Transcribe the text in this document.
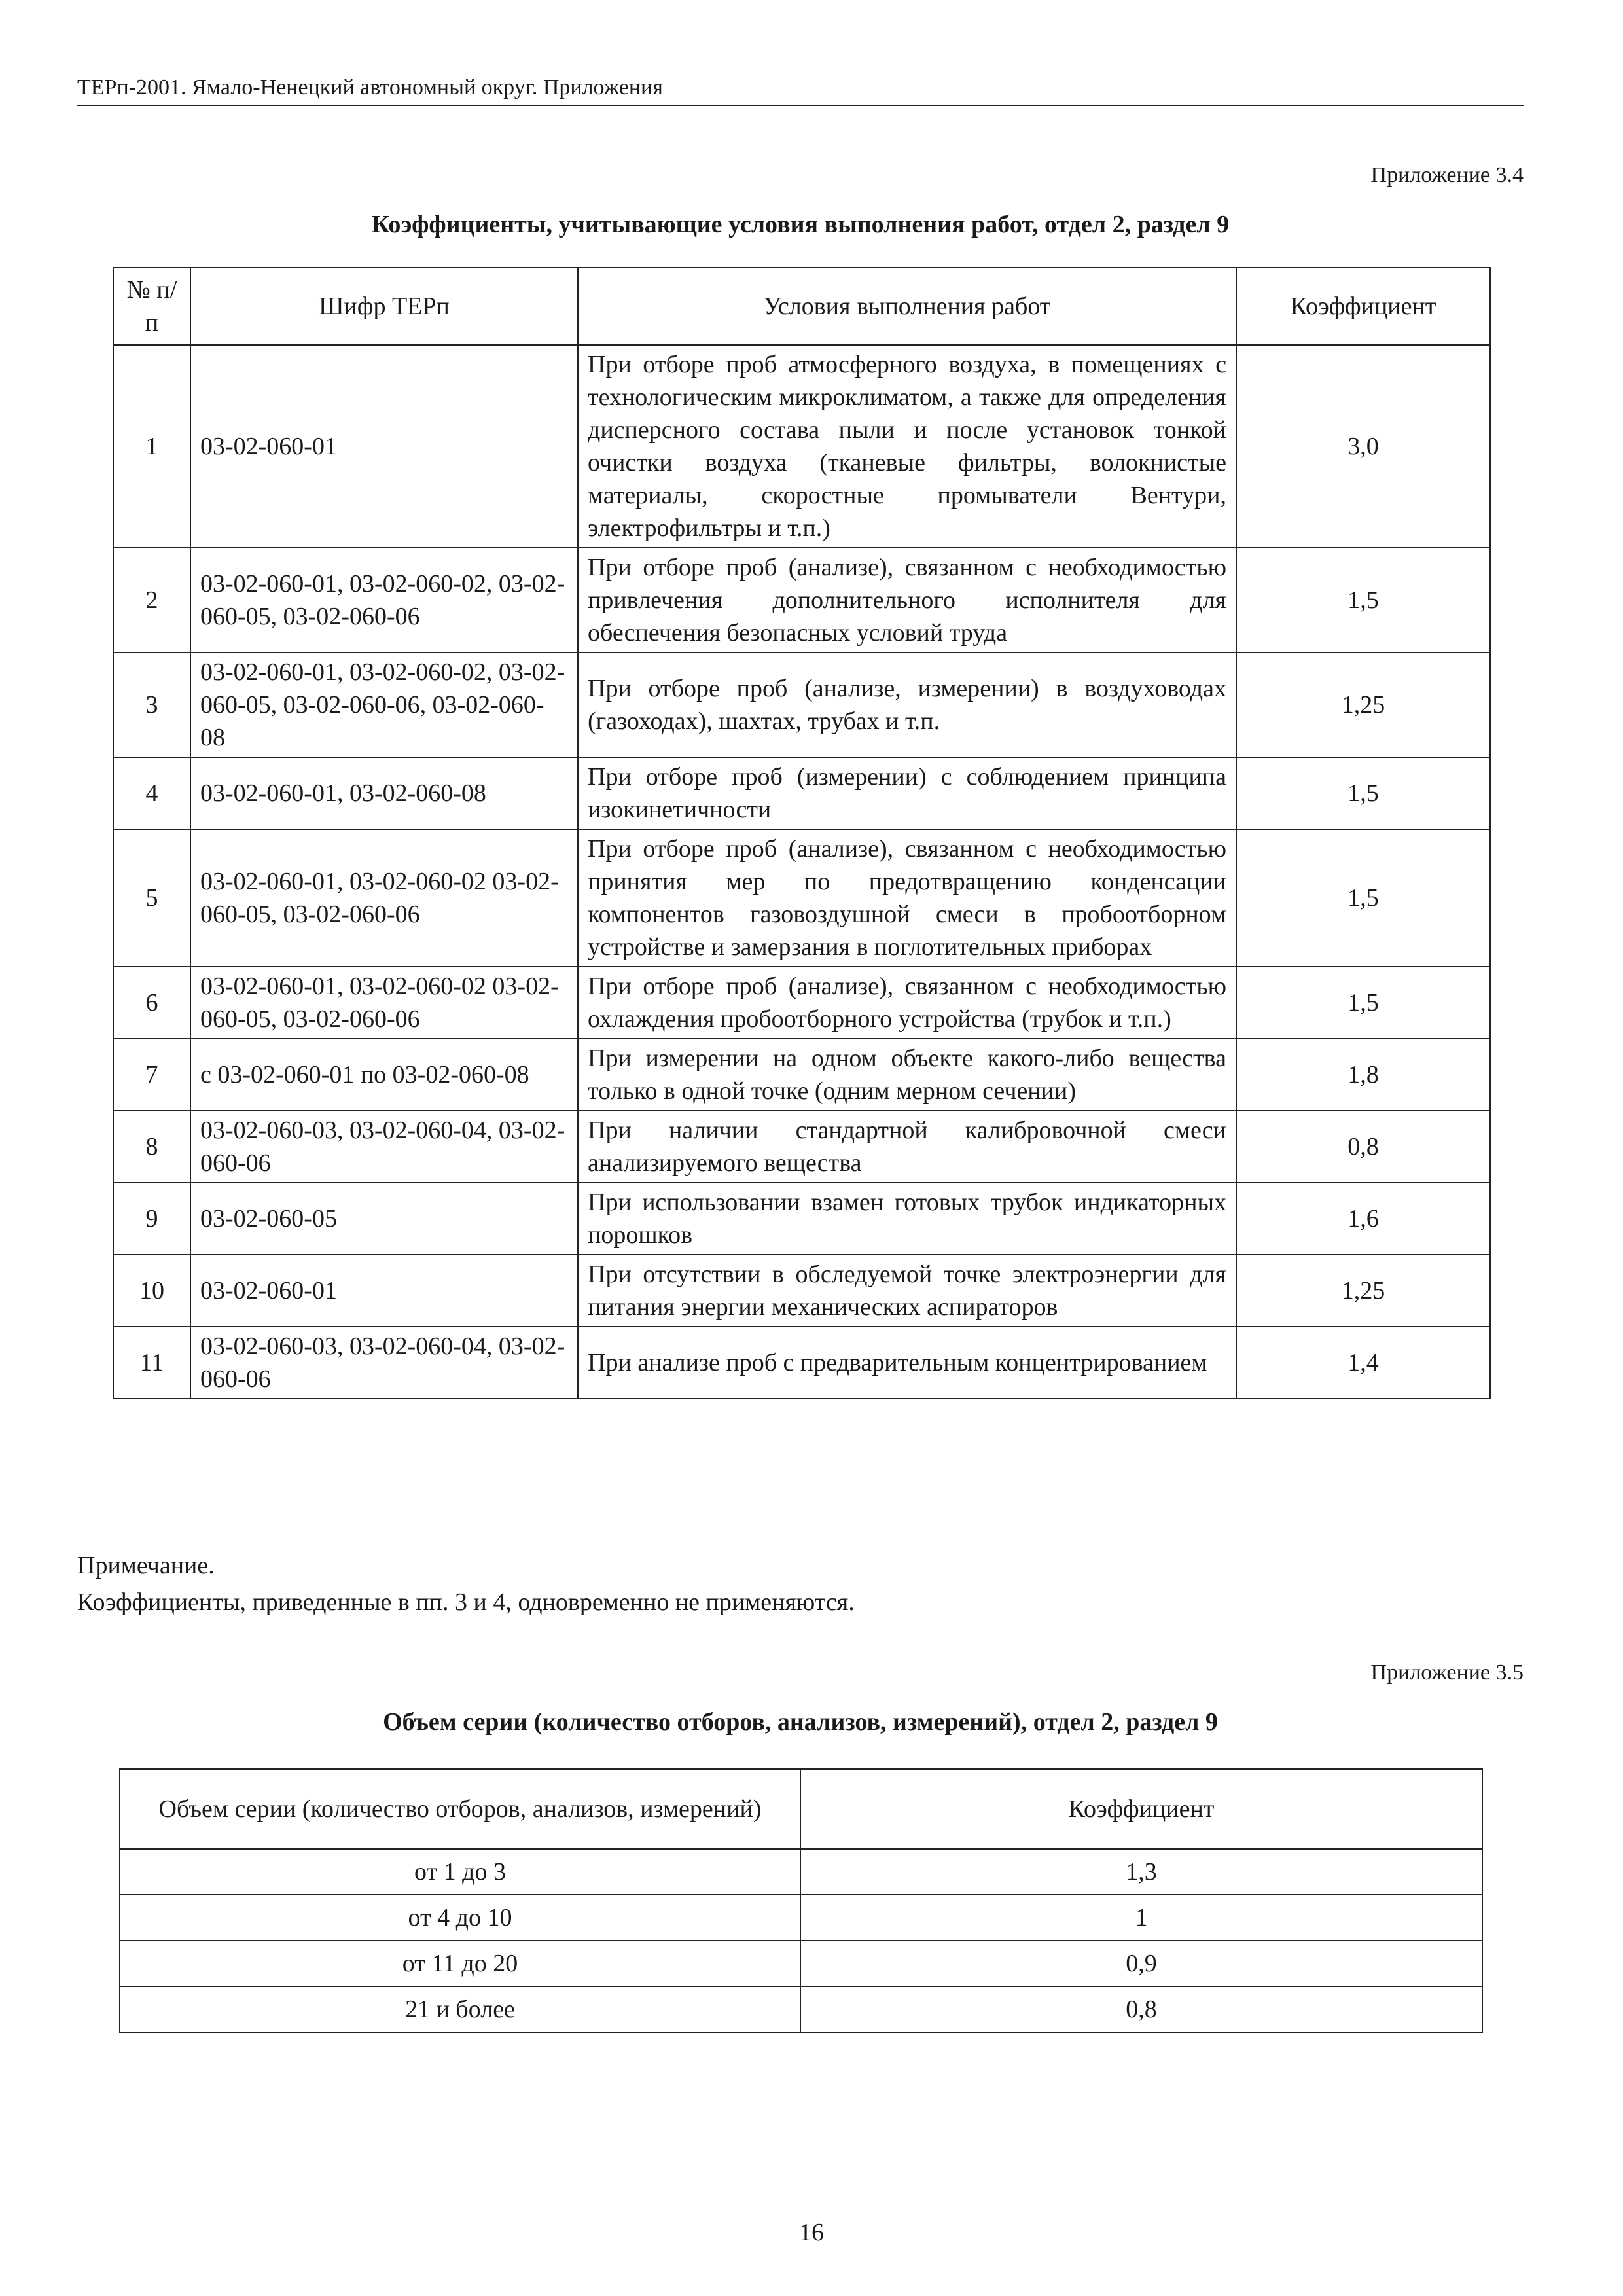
ТЕРп-2001. Ямало-Ненецкий автономный округ. Приложения
Приложение 3.4
Коэффициенты, учитывающие условия выполнения работ, отдел 2, раздел 9
№ п/п	Шифр ТЕРп	Условия выполнения работ	Коэффициент
1	03-02-060-01	При отборе проб атмосферного воздуха, в помещениях с технологическим микроклиматом, а также для определения дисперсного состава пыли и после установок тонкой очистки воздуха (тканевые фильтры, волокнистые материалы, скоростные промыватели Вентури, электрофильтры и т.п.)	3,0
2	03-02-060-01, 03-02-060-02, 03-02-060-05, 03-02-060-06	При отборе проб (анализе), связанном с необходимостью привлечения дополнительного исполнителя для обеспечения безопасных условий труда	1,5
3	03-02-060-01, 03-02-060-02, 03-02-060-05, 03-02-060-06, 03-02-060-08	При отборе проб (анализе, измерении) в воздуховодах (газоходах), шахтах, трубах и т.п.	1,25
4	03-02-060-01, 03-02-060-08	При отборе проб (измерении) с соблюдением принципа изокинетичности	1,5
5	03-02-060-01, 03-02-060-02 03-02-060-05, 03-02-060-06	При отборе проб (анализе), связанном с необходимостью принятия мер по предотвращению конденсации компонентов газовоздушной смеси в пробоотборном устройстве и замерзания в поглотительных приборах	1,5
6	03-02-060-01, 03-02-060-02 03-02-060-05, 03-02-060-06	При отборе проб (анализе), связанном с необходимостью охлаждения пробоотборного устройства (трубок и т.п.)	1,5
7	с 03-02-060-01 по 03-02-060-08	При измерении на одном объекте какого-либо вещества только в одной точке (одним мерном сечении)	1,8
8	03-02-060-03, 03-02-060-04, 03-02-060-06	При наличии стандартной калибровочной смеси анализируемого вещества	0,8
9	03-02-060-05	При использовании взамен готовых трубок индикаторных порошков	1,6
10	03-02-060-01	При отсутствии в обследуемой точке электроэнергии для питания энергии механических аспираторов	1,25
11	03-02-060-03, 03-02-060-04, 03-02-060-06	При анализе проб с предварительным концентрированием	1,4
Примечание.
Коэффициенты, приведенные в пп. 3 и 4, одновременно не применяются.
Приложение 3.5
Объем серии (количество отборов, анализов, измерений), отдел 2, раздел 9
Объем серии (количество отборов, анализов, измерений)	Коэффициент
от 1 до 3	1,3
от 4 до 10	1
от 11 до 20	0,9
21 и более	0,8
16
